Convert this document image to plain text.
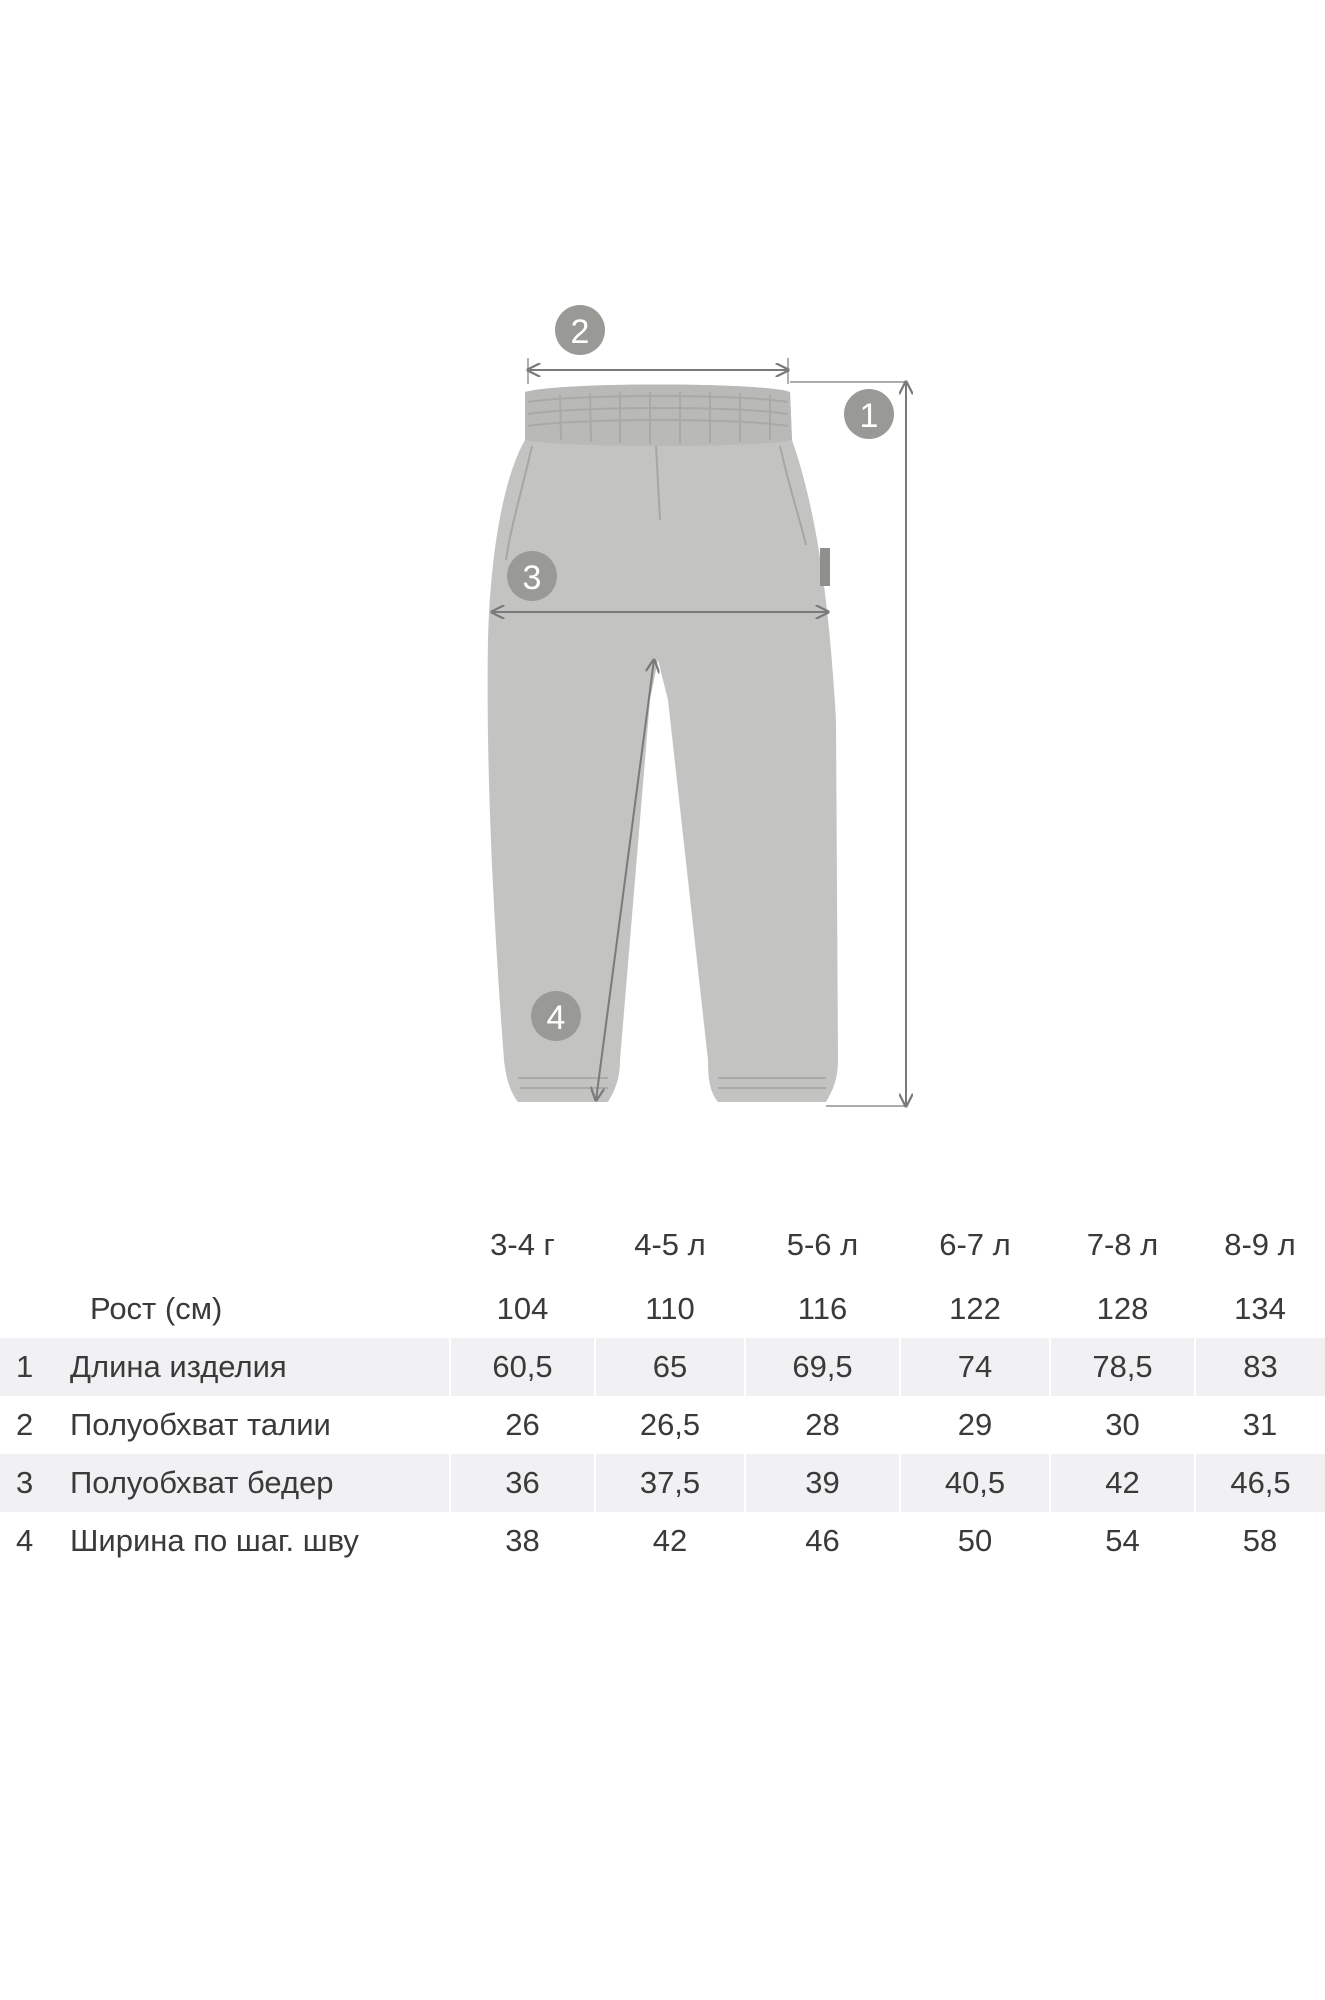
1
2
3
4
		3-4 г	4-5 л	5-6 л	6-7 л	7-8 л	8-9 л
	Рост (см)	104	110	116	122	128	134
1	Длина изделия	60,5	65	69,5	74	78,5	83
2	Полуобхват талии	26	26,5	28	29	30	31
3	Полуобхват бедер	36	37,5	39	40,5	42	46,5
4	Ширина по шаг. шву	38	42	46	50	54	58
